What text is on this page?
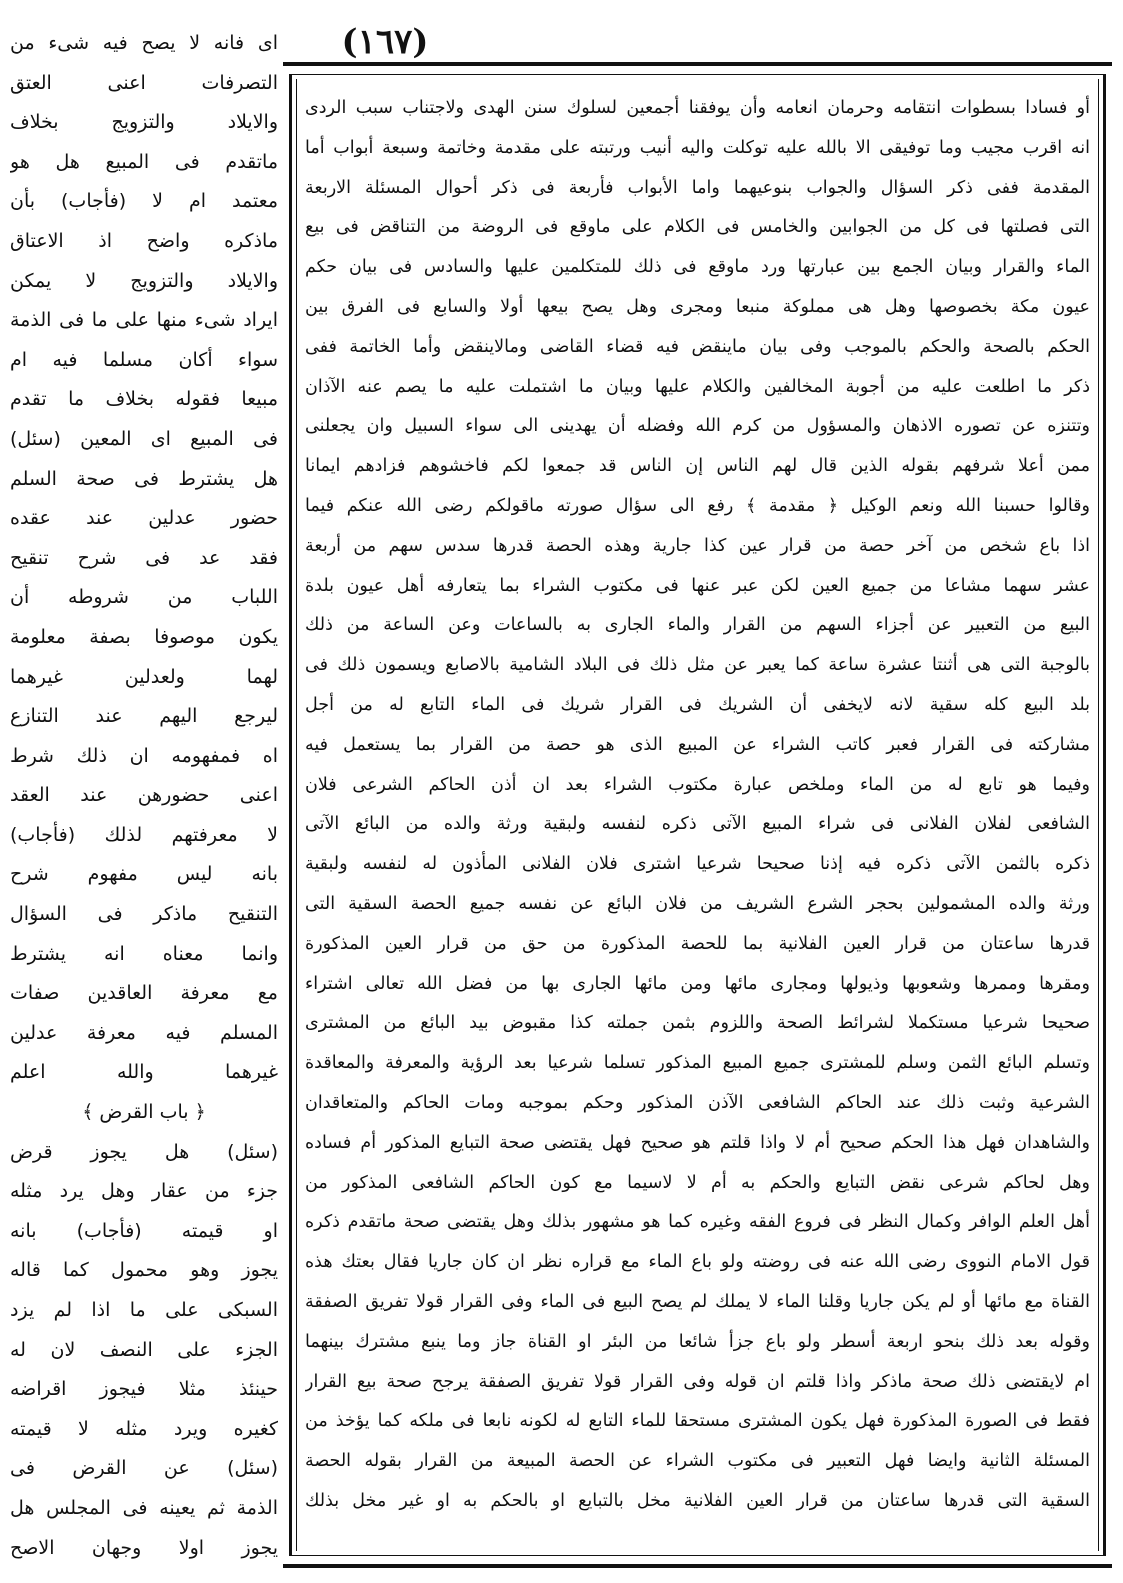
(١٦٧)
اى فانه لا يصح فيه شىء من
التصرفات اعنى العتق
والايلاد والتزويج بخلاف
ماتقدم فى المبيع هل هو
معتمد ام لا (فأجاب) بأن
ماذكره واضح اذ الاعتاق
والايلاد والتزويج لا يمكن
ايراد شىء منها على ما فى الذمة
سواء أكان مسلما فيه ام
مبيعا فقوله بخلاف ما تقدم
فى المبيع اى المعين (سئل)
هل يشترط فى صحة السلم
حضور عدلين عند عقده
فقد عد فى شرح تنقيح
اللباب من شروطه أن
يكون موصوفا بصفة معلومة
لهما ولعدلين غيرهما
ليرجع اليهم عند التنازع
اه فمفهومه ان ذلك شرط
اعنى حضورهن عند العقد
لا معرفتهم لذلك (فأجاب)
بانه ليس مفهوم شرح
التنقيح ماذكر فى السؤال
وانما معناه انه يشترط
مع معرفة العاقدين صفات
المسلم فيه معرفة عدلين
غيرهما والله اعلم
﴿ باب القرض ﴾
(سئل) هل يجوز قرض
جزء من عقار وهل يرد مثله
او قيمته (فأجاب) بانه
يجوز وهو محمول كما قاله
السبكى على ما اذا لم يزد
الجزء على النصف لان له
حينئذ مثلا فيجوز اقراضه
كغيره ويرد مثله لا قيمته
(سئل) عن القرض فى
الذمة ثم يعينه فى المجلس هل
يجوز اولا وجهان الاصح
أو فسادا بسطوات انتقامه وحرمان انعامه وأن يوفقنا أجمعين لسلوك سنن الهدى ولاجتناب سبب الردى
انه اقرب مجيب وما توفيقى الا بالله عليه توكلت واليه أنيب ورتبته على مقدمة وخاتمة وسبعة أبواب أما
المقدمة ففى ذكر السؤال والجواب بنوعيهما واما الأبواب فأربعة فى ذكر أحوال المسئلة الاربعة
التى فصلتها فى كل من الجوابين والخامس فى الكلام على ماوقع فى الروضة من التناقض فى بيع
الماء والقرار وبيان الجمع بين عبارتها ورد ماوقع فى ذلك للمتكلمين عليها والسادس فى بيان حكم
عيون مكة بخصوصها وهل هى مملوكة منبعا ومجرى وهل يصح بيعها أولا والسابع فى الفرق بين
الحكم بالصحة والحكم بالموجب وفى بيان ماينقض فيه قضاء القاضى ومالاينقض وأما الخاتمة ففى
ذكر ما اطلعت عليه من أجوبة المخالفين والكلام عليها وبيان ما اشتملت عليه ما يصم عنه الآذان
وتتنزه عن تصوره الاذهان والمسؤول من كرم الله وفضله أن يهدينى الى سواء السبيل وان يجعلنى
ممن أعلا شرفهم بقوله الذين قال لهم الناس إن الناس قد جمعوا لكم فاخشوهم فزادهم ايمانا
وقالوا حسبنا الله ونعم الوكيل ﴿ مقدمة ﴾ رفع الى سؤال صورته ماقولكم رضى الله عنكم فيما
اذا باع شخص من آخر حصة من قرار عين كذا جارية وهذه الحصة قدرها سدس سهم من أربعة
عشر سهما مشاعا من جميع العين لكن عبر عنها فى مكتوب الشراء بما يتعارفه أهل عيون بلدة
البيع من التعبير عن أجزاء السهم من القرار والماء الجارى به بالساعات وعن الساعة من ذلك
بالوجبة التى هى أثنتا عشرة ساعة كما يعبر عن مثل ذلك فى البلاد الشامية بالاصابع ويسمون ذلك فى
بلد البيع كله سقية لانه لايخفى أن الشريك فى القرار شريك فى الماء التابع له من أجل
مشاركته فى القرار فعبر كاتب الشراء عن المبيع الذى هو حصة من القرار بما يستعمل فيه
وفيما هو تابع له من الماء وملخص عبارة مكتوب الشراء بعد ان أذن الحاكم الشرعى فلان
الشافعى لفلان الفلانى فى شراء المبيع الآتى ذكره لنفسه ولبقية ورثة والده من البائع الآتى
ذكره بالثمن الآتى ذكره فيه إذنا صحيحا شرعيا اشترى فلان الفلانى المأذون له لنفسه ولبقية
ورثة والده المشمولين بحجر الشرع الشريف من فلان البائع عن نفسه جميع الحصة السقية التى
قدرها ساعتان من قرار العين الفلانية بما للحصة المذكورة من حق من قرار العين المذكورة
ومقرها وممرها وشعوبها وذيولها ومجارى مائها ومن مائها الجارى بها من فضل الله تعالى اشتراء
صحيحا شرعيا مستكملا لشرائط الصحة واللزوم بثمن جملته كذا مقبوض بيد البائع من المشترى
وتسلم البائع الثمن وسلم للمشترى جميع المبيع المذكور تسلما شرعيا بعد الرؤية والمعرفة والمعاقدة
الشرعية وثبت ذلك عند الحاكم الشافعى الآذن المذكور وحكم بموجبه ومات الحاكم والمتعاقدان
والشاهدان فهل هذا الحكم صحيح أم لا واذا قلتم هو صحيح فهل يقتضى صحة التبايع المذكور أم فساده
وهل لحاكم شرعى نقض التبايع والحكم به أم لا لاسيما مع كون الحاكم الشافعى المذكور من
أهل العلم الوافر وكمال النظر فى فروع الفقه وغيره كما هو مشهور بذلك وهل يقتضى صحة ماتقدم ذكره
قول الامام النووى رضى الله عنه فى روضته ولو باع الماء مع قراره نظر ان كان جاريا فقال بعتك هذه
القناة مع مائها أو لم يكن جاريا وقلنا الماء لا يملك لم يصح البيع فى الماء وفى القرار قولا تفريق الصفقة
وقوله بعد ذلك بنحو اربعة أسطر ولو باع جزأ شائعا من البئر او القناة جاز وما ينبع مشترك بينهما
ام لايقتضى ذلك صحة ماذكر واذا قلتم ان قوله وفى القرار قولا تفريق الصفقة يرجح صحة بيع القرار
فقط فى الصورة المذكورة فهل يكون المشترى مستحقا للماء التابع له لكونه نابعا فى ملكه كما يؤخذ من
المسئلة الثانية وايضا فهل التعبير فى مكتوب الشراء عن الحصة المبيعة من القرار بقوله الحصة
السقية التى قدرها ساعتان من قرار العين الفلانية مخل بالتبايع او بالحكم به او غير مخل بذلك
